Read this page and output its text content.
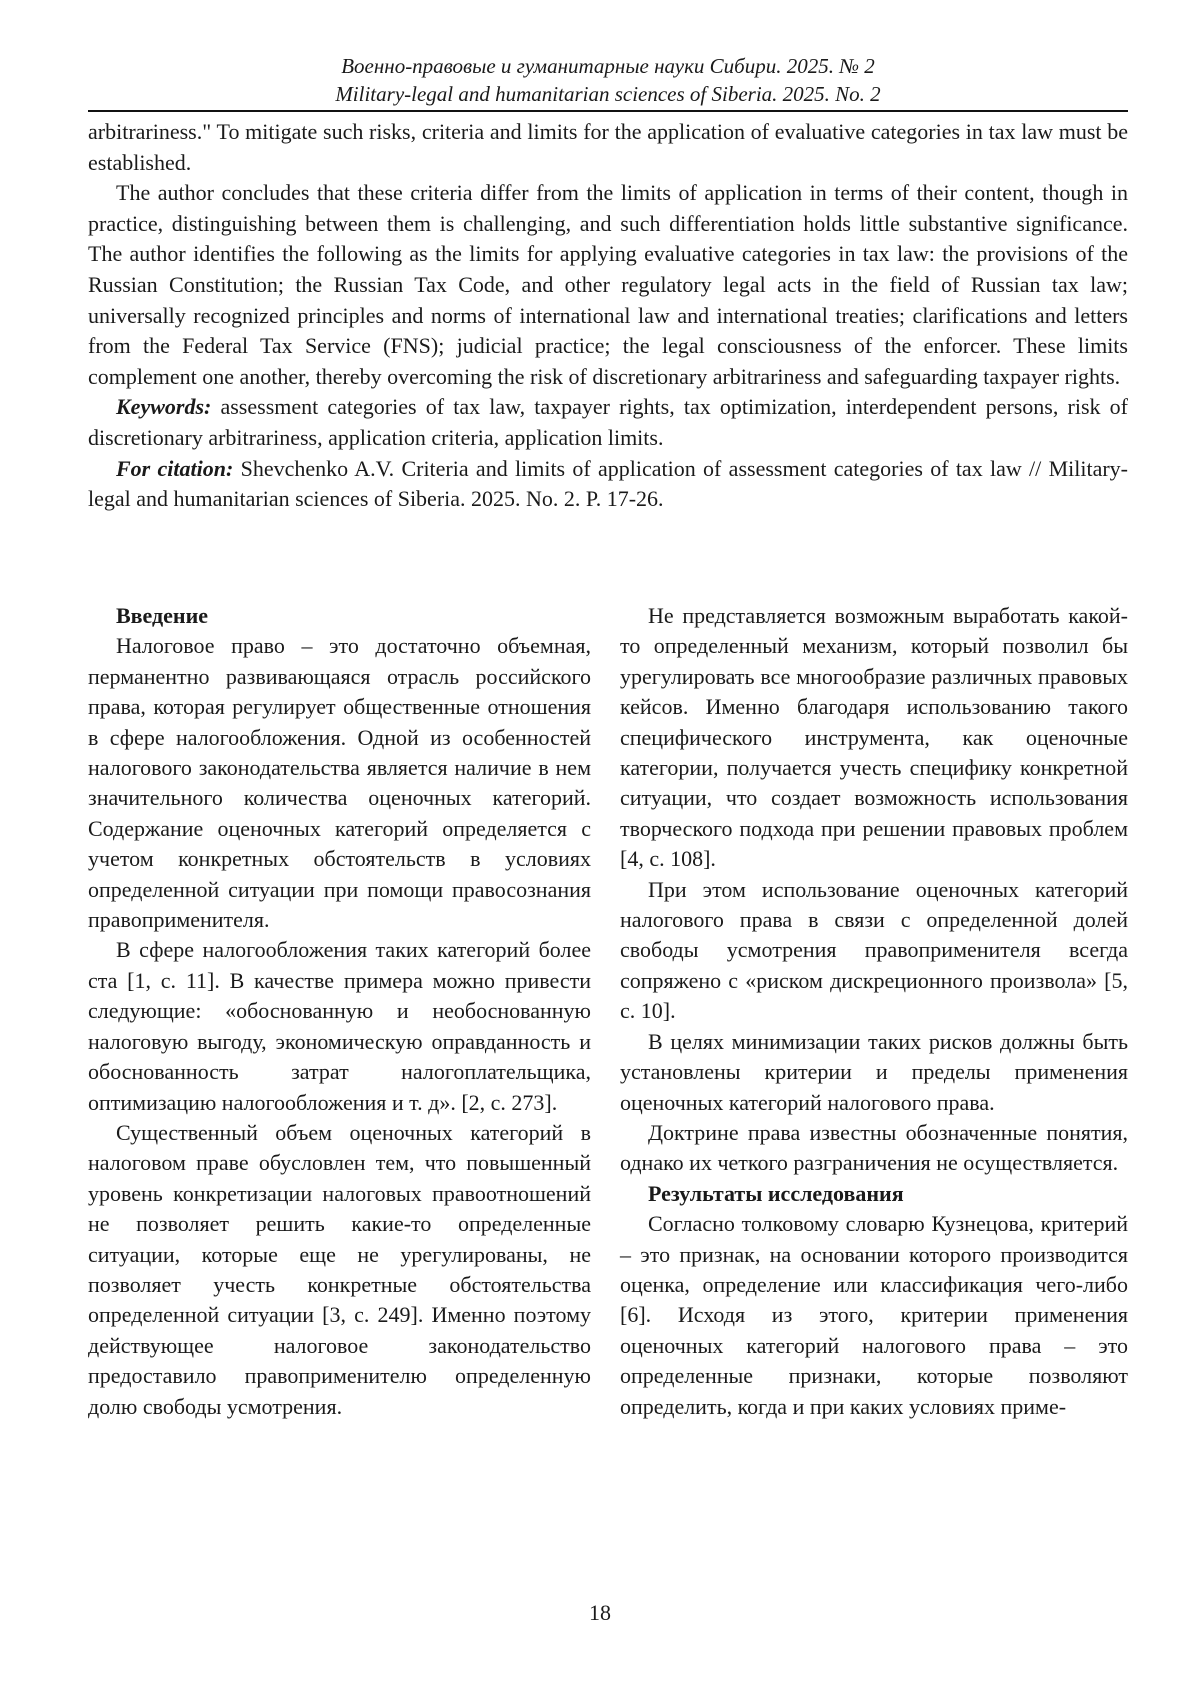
Военно-правовые и гуманитарные науки Сибири. 2025. № 2
Military-legal and humanitarian sciences of Siberia. 2025. No. 2

arbitrariness." To mitigate such risks, criteria and limits for the application of evaluative categories in tax law must be established.

The author concludes that these criteria differ from the limits of application in terms of their content, though in practice, distinguishing between them is challenging, and such differentiation holds little substantive significance. The author identifies the following as the limits for applying evaluative categories in tax law: the provisions of the Russian Constitution; the Russian Tax Code, and other regulatory legal acts in the field of Russian tax law; universally recognized principles and norms of international law and international treaties; clarifications and letters from the Federal Tax Service (FNS); judicial practice; the legal consciousness of the enforcer. These limits complement one another, thereby overcoming the risk of discretionary arbitrariness and safeguarding taxpayer rights.

Keywords: assessment categories of tax law, taxpayer rights, tax optimization, interdependent persons, risk of discretionary arbitrariness, application criteria, application limits.

For citation: Shevchenko A.V. Criteria and limits of application of assessment categories of tax law // Military-legal and humanitarian sciences of Siberia. 2025. No. 2. P. 17-26.

Введение

Налоговое право – это достаточно объемная, перманентно развивающаяся отрасль российского права, которая регулирует общественные отношения в сфере налогообложения. Одной из особенностей налогового законодательства является наличие в нем значительного количества оценочных категорий. Содержание оценочных категорий определяется с учетом конкретных обстоятельств в условиях определенной ситуации при помощи правосознания правоприменителя.

В сфере налогообложения таких категорий более ста [1, с. 11]. В качестве примера можно привести следующие: «обоснованную и необоснованную налоговую выгоду, экономическую оправданность и обоснованность затрат налогоплательщика, оптимизацию налогообложения и т. д». [2, с. 273].

Существенный объем оценочных категорий в налоговом праве обусловлен тем, что повышенный уровень конкретизации налоговых правоотношений не позволяет решить какие-то определенные ситуации, которые еще не урегулированы, не позволяет учесть конкретные обстоятельства определенной ситуации [3, с. 249]. Именно поэтому действующее налоговое законодательство предоставило правоприменителю определенную долю свободы усмотрения.

Не представляется возможным выработать какой-то определенный механизм, который позволил бы урегулировать все многообразие различных правовых кейсов. Именно благодаря использованию такого специфического инструмента, как оценочные категории, получается учесть специфику конкретной ситуации, что создает возможность использования творческого подхода при решении правовых проблем [4, с. 108].

При этом использование оценочных категорий налогового права в связи с определенной долей свободы усмотрения правоприменителя всегда сопряжено с «риском дискреционного произвола» [5, с. 10].

В целях минимизации таких рисков должны быть установлены критерии и пределы применения оценочных категорий налогового права.

Доктрине права известны обозначенные понятия, однако их четкого разграничения не осуществляется.

Результаты исследования

Согласно толковому словарю Кузнецова, критерий – это признак, на основании которого производится оценка, определение или классификация чего-либо [6]. Исходя из этого, критерии применения оценочных категорий налогового права – это определенные признаки, которые позволяют определить, когда и при каких условиях приме-

18
